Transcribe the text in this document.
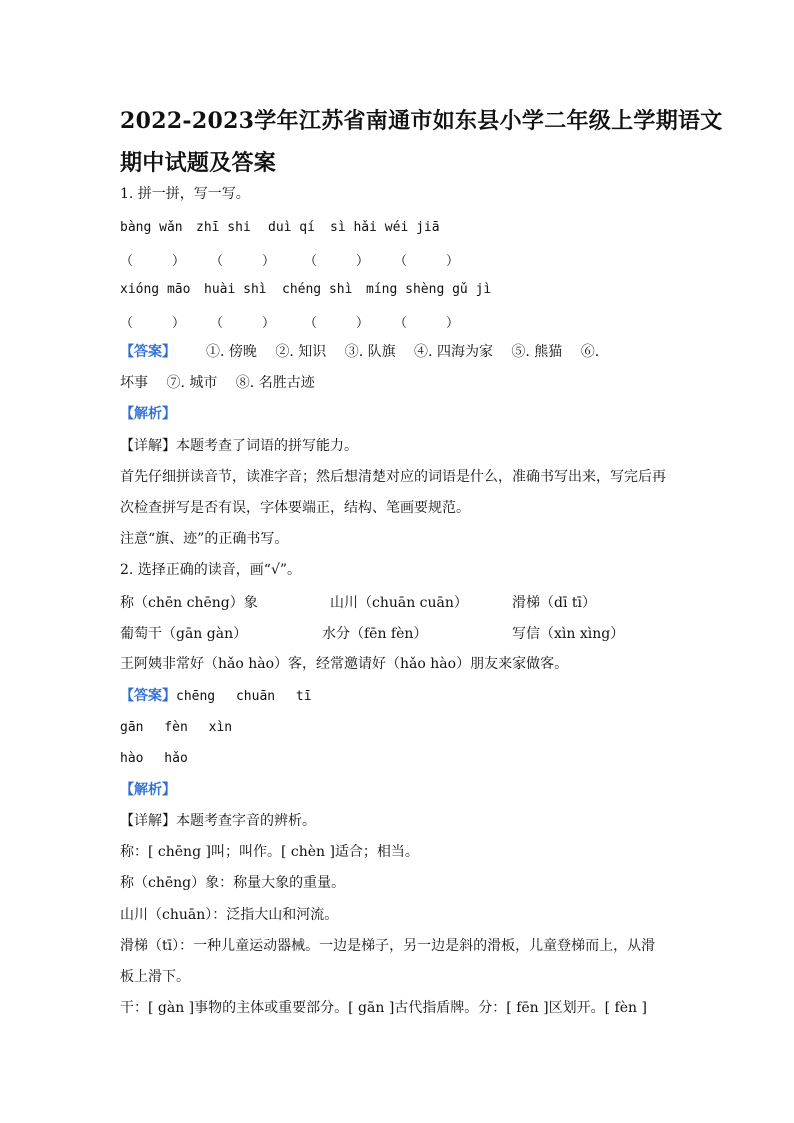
2022-2023学年江苏省南通市如东县小学二年级上学期语文
期中试题及答案
1. 拼一拼，写一写。
bàng wǎn zhī shi duì qí sì hǎi wéi jiā
（　　　） （　　　） （　　　） （　　　）
xióng māo huài shì chéng shì míng shèng gǔ jì
（　　　） （　　　） （　　　） （　　　）
【答案】 ①. 傍晚　 ②. 知识　 ③. 队旗　 ④. 四海为家　 ⑤. 熊猫　 ⑥.
坏事　 ⑦. 城市　 ⑧. 名胜古迹
【解析】
【详解】本题考查了词语的拼写能力。
首先仔细拼读音节，读准字音；然后想清楚对应的词语是什么，准确书写出来，写完后再
次检查拼写是否有误，字体要端正，结构、笔画要规范。
注意“旗、迹”的正确书写。
2. 选择正确的读音，画“√”。
称（chēn chēng）象	山川（chuān cuān）	滑梯（dī tī）
葡萄干（gān gàn）	水分（fēn fèn）	写信（xìn xìng）
王阿姨非常好（hǎo hào）客，经常邀请好（hǎo hào）朋友来家做客。
【答案】chēng　 chuān　 tī
gān　 fèn　 xìn
hào　 hǎo
【解析】
【详解】本题考查字音的辨析。
称：[ chēng ]叫；叫作。[ chèn ]适合；相当。
称（chēng）象：称量大象的重量。
山川（chuān）：泛指大山和河流。
滑梯（tī）：一种儿童运动器械。一边是梯子，另一边是斜的滑板，儿童登梯而上，从滑
板上滑下。
干：[ gàn ]事物的主体或重要部分。[ gān ]古代指盾牌。分：[ fēn ]区划开。[ fèn ]
